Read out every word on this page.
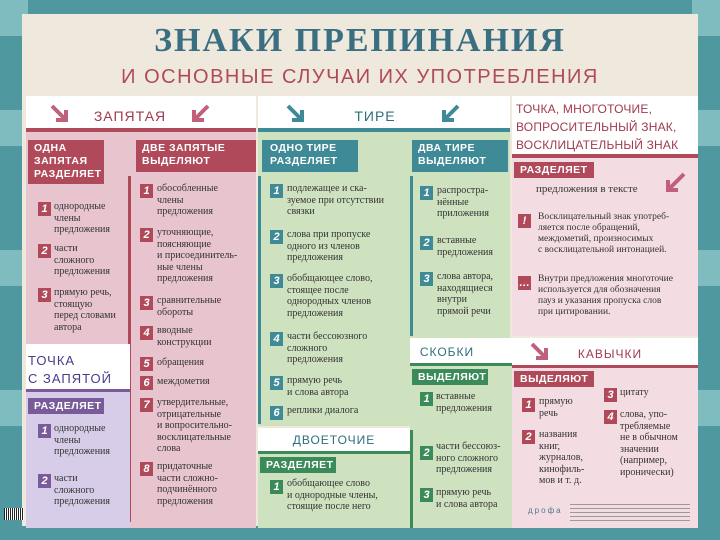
ЗНАКИ ПРЕПИНАНИЯ
И ОСНОВНЫЕ СЛУЧАИ ИХ УПОТРЕБЛЕНИЯ
ЗАПЯТАЯ
ОДНА
ЗАПЯТАЯ
РАЗДЕЛЯЕТ
ДВЕ ЗАПЯТЫЕ
ВЫДЕЛЯЮТ
1 однородные
члены
предложения
2 части
сложного
предложения
3 прямую речь,
стоящую
перед словами
автора
1 обособленные
члены
предложения
2 уточняющие,
поясняющие
и присоединитель-
ные члены
предложения
3 сравнительные
обороты
4 вводные
конструкции
5 обращения
6 междометия
7 утвердительные,
отрицательные
и вопросительно-
восклицательные
слова
8 придаточные
части сложно-
подчинённого
предложения
ТОЧКА
С ЗАПЯТОЙ
РАЗДЕЛЯЕТ
1 однородные
члены
предложения
2 части
сложного
предложения
ТИРЕ
ОДНО ТИРЕ
РАЗДЕЛЯЕТ
ДВА ТИРЕ
ВЫДЕЛЯЮТ
1 подлежащее и ска-
зуемое при отсутствии
связки
2 слова при пропуске
одного из членов
предложения
3 обобщающее слово,
стоящее после
однородных членов
предложения
4 части бессоюзного
сложного
предложения
5 прямую речь
и слова автора
6 реплики диалога
1 распростра-
нённые
приложения
2 вставные
предложения
3 слова автора,
находящиеся
внутри
прямой речи
ДВОЕТОЧИЕ
РАЗДЕЛЯЕТ
1 обобщающее слово
и однородные члены,
стоящие после него
СКОБКИ
ВЫДЕЛЯЮТ
1 вставные
предложения
2
части бессоюз-
ного сложного
предложения
3 прямую речь
и слова автора
ТОЧКА, МНОГОТОЧИЕ,
ВОПРОСИТЕЛЬНЫЙ ЗНАК,
ВОСКЛИЦАТЕЛЬНЫЙ ЗНАК
РАЗДЕЛЯЕТ
предложения в тексте
!	Восклицательный знак употреб-
ляется после обращений,
междометий, произносимых
с восклицательной интонацией.
… Внутри предложения многоточие
используется для обозначения
пауз и указания пропуска слов
при цитировании.
КАВЫЧКИ
ВЫДЕЛЯЮТ
1 прямую
речь
2 названия
книг,
журналов,
кинофиль-
мов и т. д.
3 цитату
4 слова, упо-
требляемые
не в обычном
значении
(например,
иронически)
дрофа
